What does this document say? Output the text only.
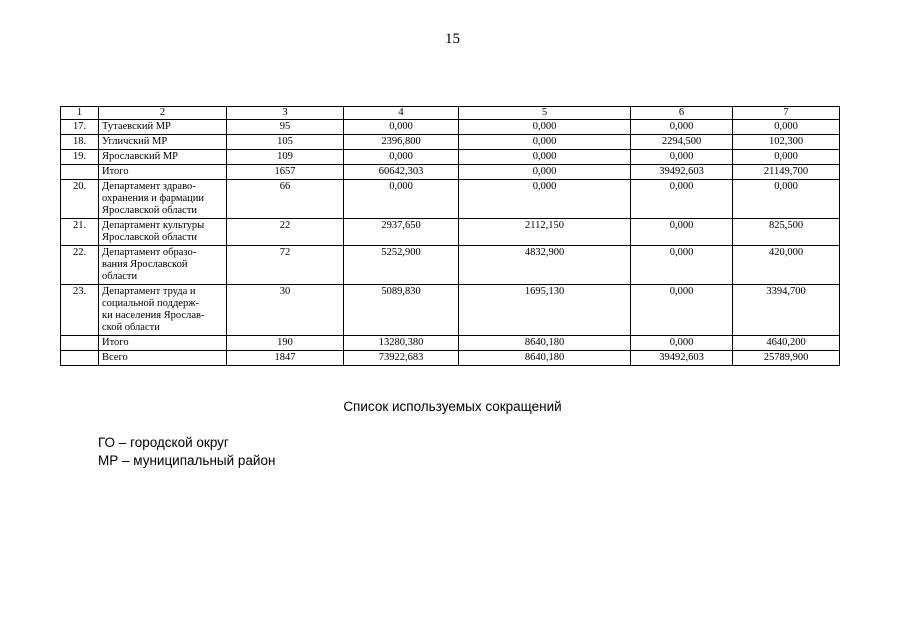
15
1	2	3	4	5	6	7
17.	Тутаевский МР	95	0,000	0,000	0,000	0,000
18.	Угличский МР	105	2396,800	0,000	2294,500	102,300
19.	Ярославский МР	109	0,000	0,000	0,000	0,000
	Итого	1657	60642,303	0,000	39492,603	21149,700
20.	Департамент здраво-
охранения и фармации
Ярославской области	66	0,000	0,000	0,000	0,000
21.	Департамент культуры
Ярославской области	22	2937,650	2112,150	0,000	825,500
22.	Департамент образо-
вания Ярославской
области	72	5252,900	4832,900	0,000	420,000
23.	Департамент труда и
социальной поддерж-
ки населения Ярослав-
ской области	30	5089,830	1695,130	0,000	3394,700
	Итого	190	13280,380	8640,180	0,000	4640,200
	Всего	1847	73922,683	8640,180	39492,603	25789,900
Список используемых сокращений
ГО – городской округ
МР – муниципальный район
